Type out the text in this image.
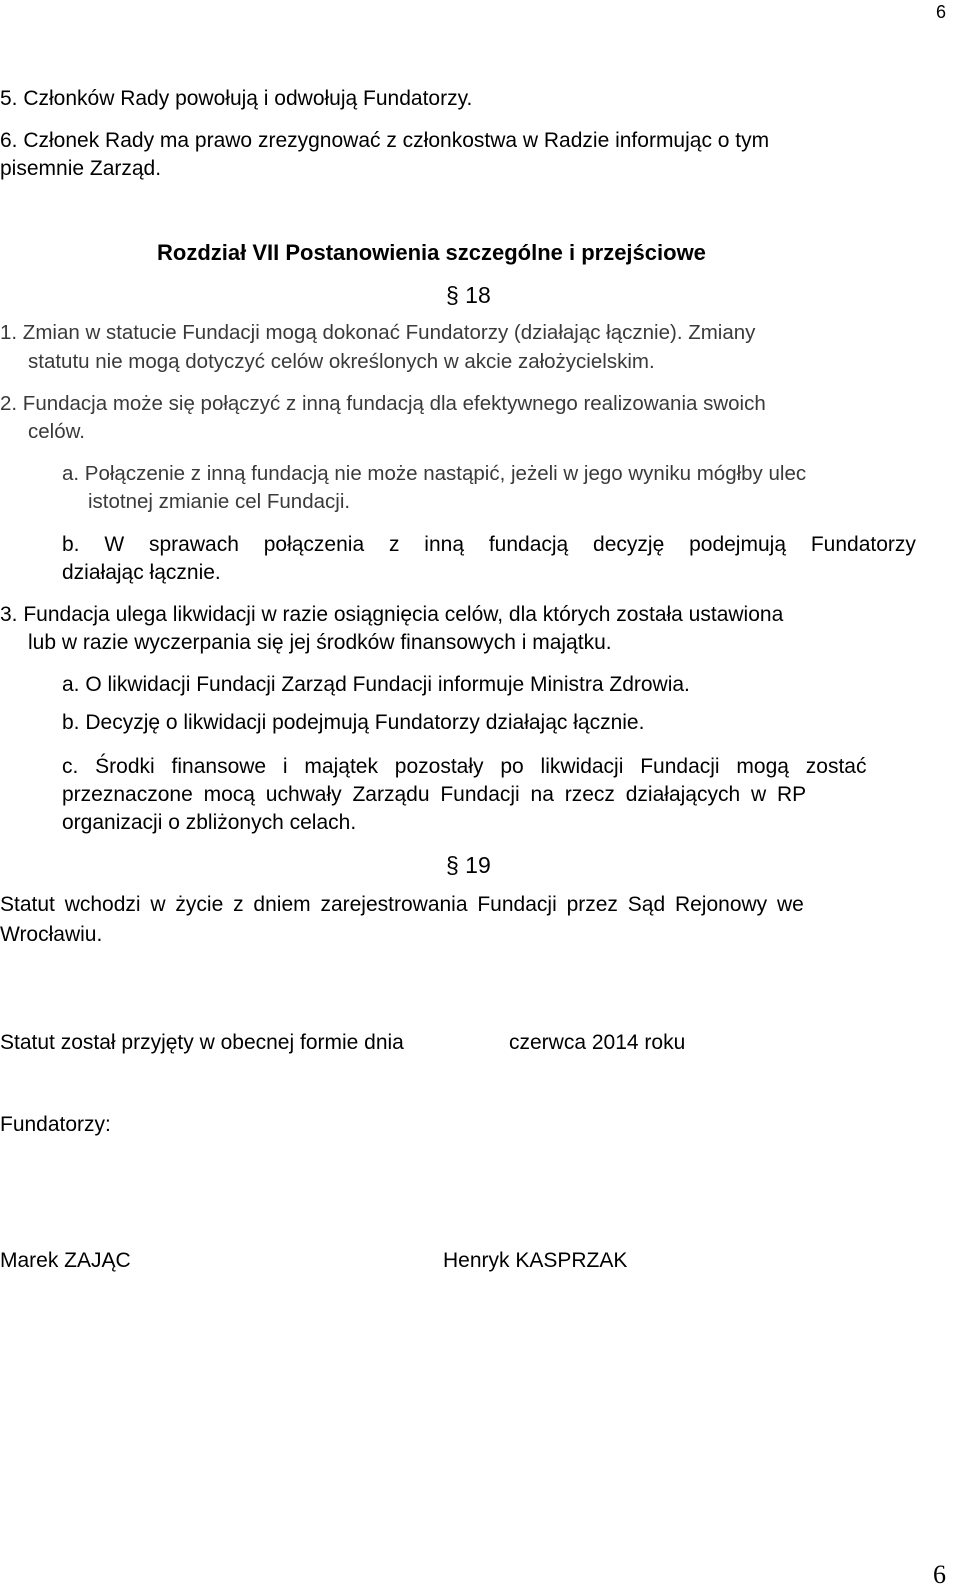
6
5. Członków Rady powołują i odwołują Fundatorzy.
6. Członek Rady ma prawo zrezygnować z członkostwa w Radzie informując o tym
pisemnie Zarząd.
Rozdział VII Postanowienia szczególne i przejściowe
§ 18
1. Zmian w statucie Fundacji mogą dokonać Fundatorzy (działając łącznie). Zmiany
statutu nie mogą dotyczyć celów określonych w akcie założycielskim.
2. Fundacja może się połączyć z inną fundacją dla efektywnego realizowania swoich
celów.
a. Połączenie z inną fundacją nie może nastąpić, jeżeli w jego wyniku mógłby ulec
istotnej zmianie cel Fundacji.
b. W sprawach połączenia z inną fundacją decyzję podejmują Fundatorzy
działając łącznie.
3. Fundacja ulega likwidacji w razie osiągnięcia celów, dla których została ustawiona
lub w razie wyczerpania się jej środków finansowych i majątku.
a. O likwidacji Fundacji Zarząd Fundacji informuje Ministra Zdrowia.
b. Decyzję o likwidacji podejmują Fundatorzy działając łącznie.
c. Środki finansowe i majątek pozostały po likwidacji Fundacji mogą zostać
przeznaczone mocą uchwały Zarządu Fundacji na rzecz działających w RP
organizacji o zbliżonych celach.
§ 19
Statut wchodzi w życie z dniem zarejestrowania Fundacji przez Sąd Rejonowy we
Wrocławiu.
Statut został przyjęty w obecnej formie dnia	czerwca 2014 roku
Fundatorzy:
Marek ZAJĄC	Henryk KASPRZAK
6
